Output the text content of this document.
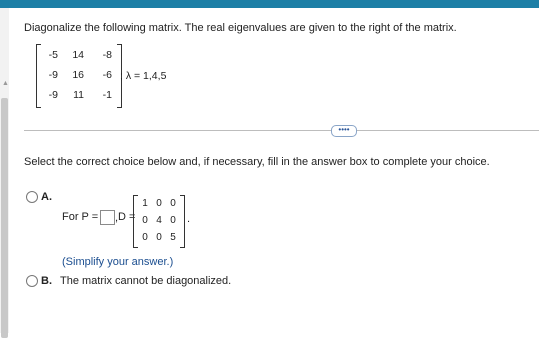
▲
Diagonalize the following matrix. The real eigenvalues are given to the right of the matrix.
-5	14	-8
-9	16	-6
-9	11	-1
; λ = 1,4,5
••••
Select the correct choice below and, if necessary, fill in the answer box to complete your choice.
A.
For P = , D =
1 0 0
0 4 0
0 0 5
.
(Simplify your answer.)
B. The matrix cannot be diagonalized.
